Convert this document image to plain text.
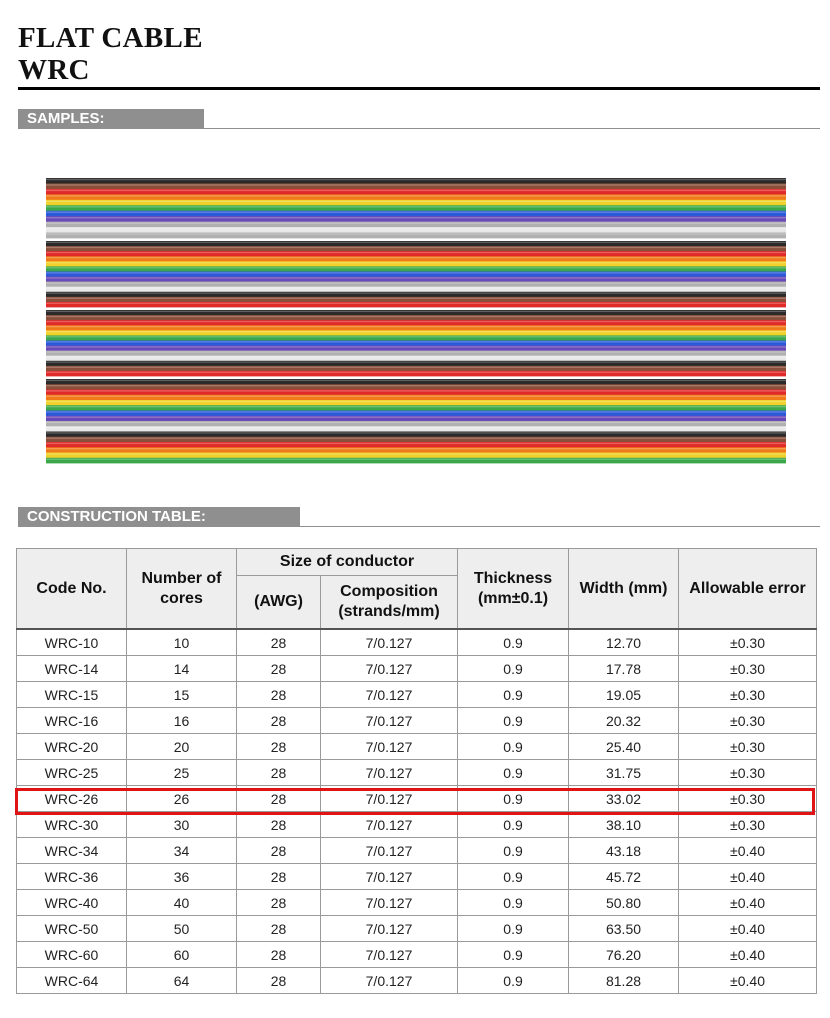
FLAT CABLE
WRC
SAMPLES:
CONSTRUCTION TABLE:
Code No.	Number of cores	Size of conductor		Thickness (mm±0.1)	Width (mm)	Allowable error
		(AWG)	Composition (strands/mm)			
WRC-10	10	28	7/0.127	0.9	12.70	±0.30
WRC-14	14	28	7/0.127	0.9	17.78	±0.30
WRC-15	15	28	7/0.127	0.9	19.05	±0.30
WRC-16	16	28	7/0.127	0.9	20.32	±0.30
WRC-20	20	28	7/0.127	0.9	25.40	±0.30
WRC-25	25	28	7/0.127	0.9	31.75	±0.30
WRC-26	26	28	7/0.127	0.9	33.02	±0.30
WRC-30	30	28	7/0.127	0.9	38.10	±0.30
WRC-34	34	28	7/0.127	0.9	43.18	±0.40
WRC-36	36	28	7/0.127	0.9	45.72	±0.40
WRC-40	40	28	7/0.127	0.9	50.80	±0.40
WRC-50	50	28	7/0.127	0.9	63.50	±0.40
WRC-60	60	28	7/0.127	0.9	76.20	±0.40
WRC-64	64	28	7/0.127	0.9	81.28	±0.40
